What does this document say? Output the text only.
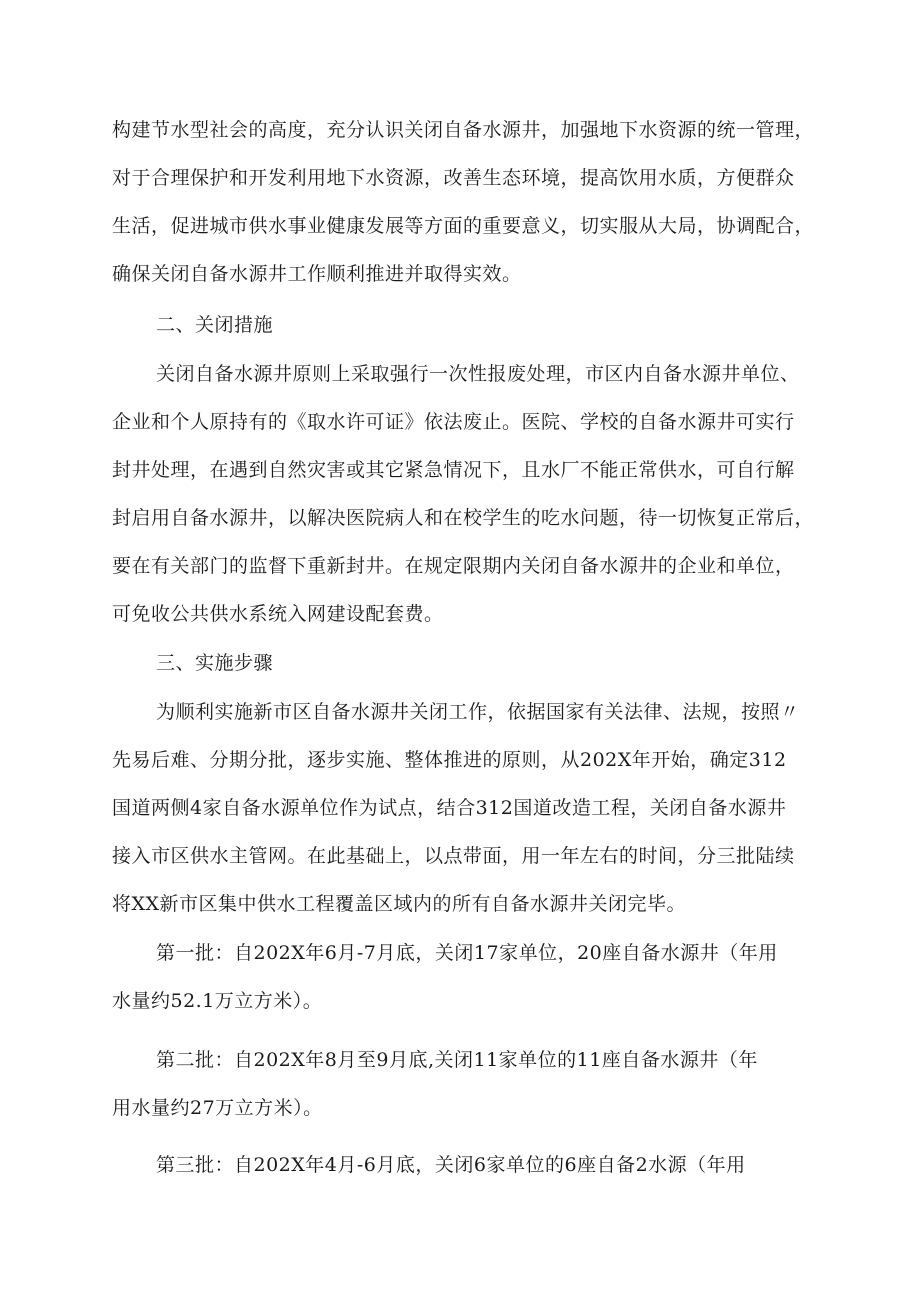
构建节水型社会的高度，充分认识关闭自备水源井，加强地下水资源的统一管理，
对于合理保护和开发利用地下水资源，改善生态环境，提高饮用水质，方便群众
生活，促进城市供水事业健康发展等方面的重要意义，切实服从大局，协调配合，
确保关闭自备水源井工作顺利推进并取得实效。
二、关闭措施
关闭自备水源井原则上采取强行一次性报废处理，市区内自备水源井单位、
企业和个人原持有的《取水许可证》依法废止。医院、学校的自备水源井可实行
封井处理，在遇到自然灾害或其它紧急情况下，且水厂不能正常供水，可自行解
封启用自备水源井，以解决医院病人和在校学生的吃水问题，待一切恢复正常后，
要在有关部门的监督下重新封井。在规定限期内关闭自备水源井的企业和单位，
可免收公共供水系统入网建设配套费。
三、实施步骤
为顺利实施新市区自备水源井关闭工作，依据国家有关法律、法规，按照〃
先易后难、分期分批，逐步实施、整体推进的原则，从202X年开始，确定312
国道两侧4家自备水源单位作为试点，结合312国道改造工程，关闭自备水源井
接入市区供水主管网。在此基础上，以点带面，用一年左右的时间，分三批陆续
将XX新市区集中供水工程覆盖区域内的所有自备水源井关闭完毕。
第一批：自202X年6月-7月底，关闭17家单位，20座自备水源井（年用
水量约52.1万立方米）。
第二批：自202X年8月至9月底,关闭11家单位的11座自备水源井（年
用水量约27万立方米）。
第三批：自202X年4月-6月底，关闭6家单位的6座自备2水源（年用
